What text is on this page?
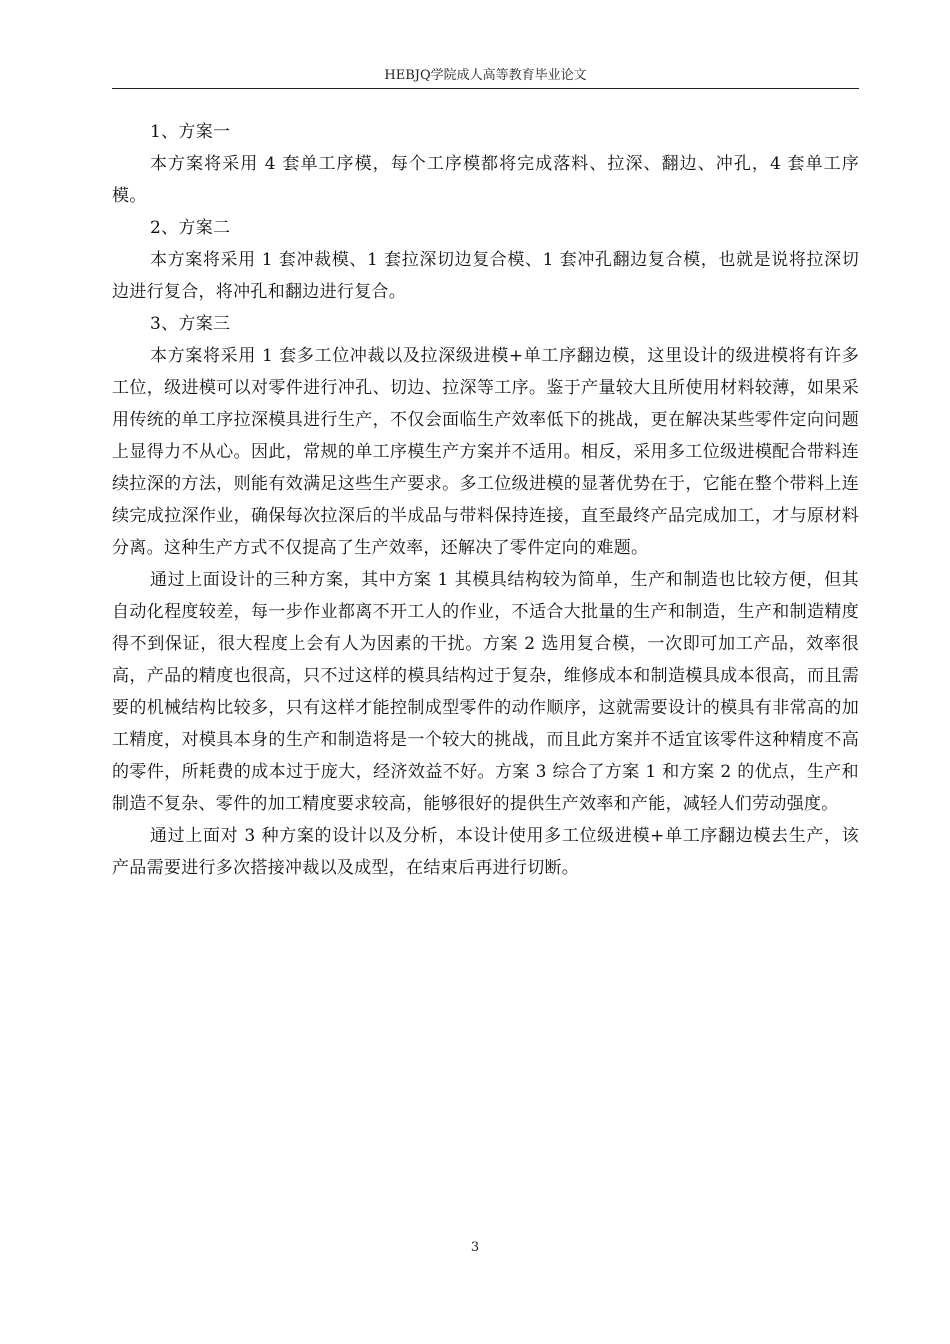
HEBJQ学院成人高等教育毕业论文

1、方案一

本方案将采用 4 套单工序模，每个工序模都将完成落料、拉深、翻边、冲孔，4 套单工序模。

2、方案二

本方案将采用 1 套冲裁模、1 套拉深切边复合模、1 套冲孔翻边复合模，也就是说将拉深切边进行复合，将冲孔和翻边进行复合。

3、方案三

本方案将采用 1 套多工位冲裁以及拉深级进模+单工序翻边模，这里设计的级进模将有许多工位，级进模可以对零件进行冲孔、切边、拉深等工序。鉴于产量较大且所使用材料较薄，如果采用传统的单工序拉深模具进行生产，不仅会面临生产效率低下的挑战，更在解决某些零件定向问题上显得力不从心。因此，常规的单工序模生产方案并不适用。相反，采用多工位级进模配合带料连续拉深的方法，则能有效满足这些生产要求。多工位级进模的显著优势在于，它能在整个带料上连续完成拉深作业，确保每次拉深后的半成品与带料保持连接，直至最终产品完成加工，才与原材料分离。这种生产方式不仅提高了生产效率，还解决了零件定向的难题。

通过上面设计的三种方案，其中方案 1 其模具结构较为简单，生产和制造也比较方便，但其自动化程度较差，每一步作业都离不开工人的作业，不适合大批量的生产和制造，生产和制造精度得不到保证，很大程度上会有人为因素的干扰。方案 2 选用复合模，一次即可加工产品，效率很高，产品的精度也很高，只不过这样的模具结构过于复杂，维修成本和制造模具成本很高，而且需要的机械结构比较多，只有这样才能控制成型零件的动作顺序，这就需要设计的模具有非常高的加工精度，对模具本身的生产和制造将是一个较大的挑战，而且此方案并不适宜该零件这种精度不高的零件，所耗费的成本过于庞大，经济效益不好。方案 3 综合了方案 1 和方案 2 的优点，生产和制造不复杂、零件的加工精度要求较高，能够很好的提供生产效率和产能，减轻人们劳动强度。

通过上面对 3 种方案的设计以及分析，本设计使用多工位级进模+单工序翻边模去生产，该产品需要进行多次搭接冲裁以及成型，在结束后再进行切断。

3
